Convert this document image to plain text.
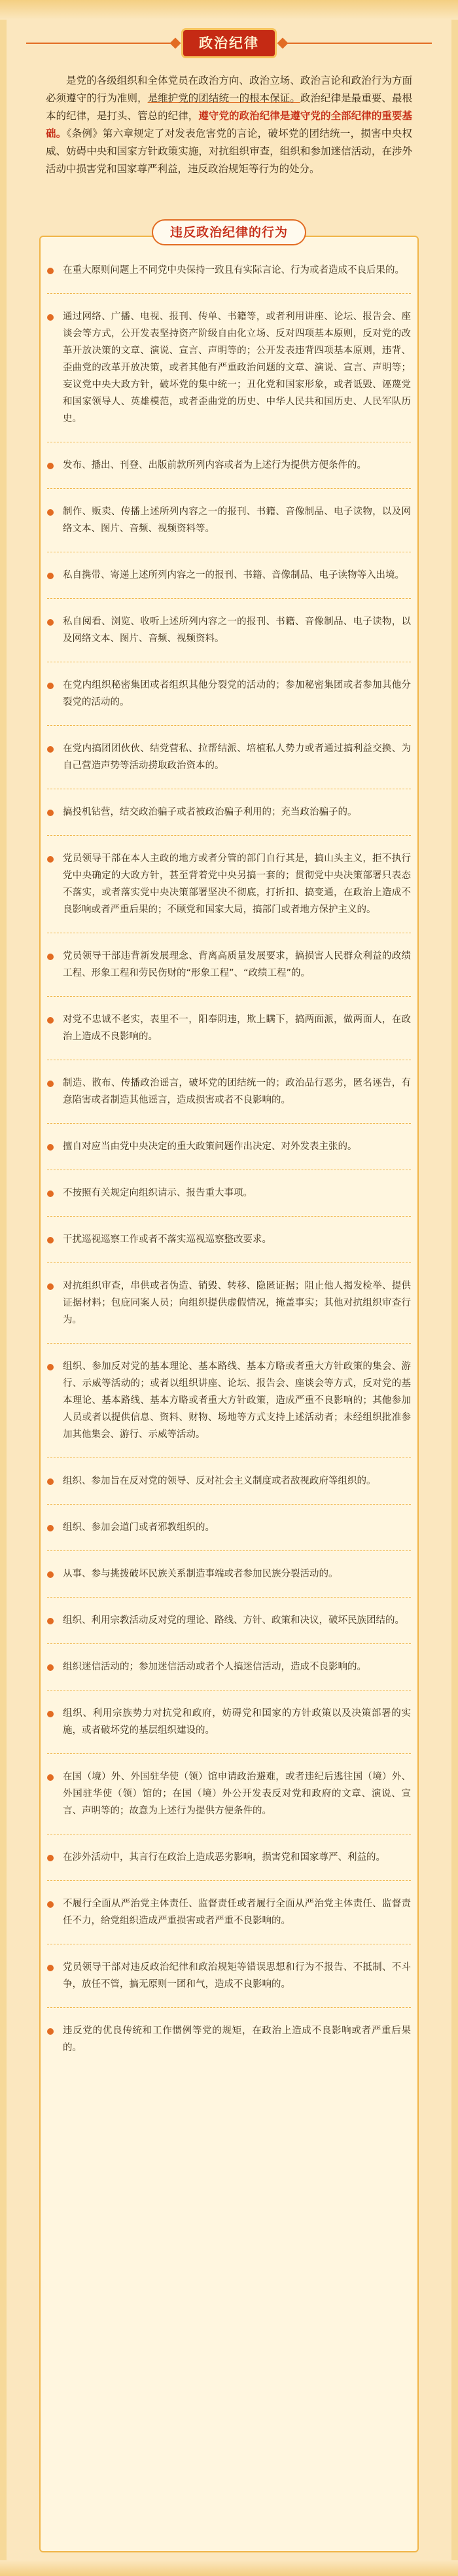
政治纪律

是党的各级组织和全体党员在政治方向、政治立场、政治言论和政治行为方面必须遵守的行为准则，是维护党的团结统一的根本保证。政治纪律是最重要、最根本的纪律，是打头、管总的纪律，遵守党的政治纪律是遵守党的全部纪律的重要基础。《条例》第六章规定了对发表危害党的言论，破坏党的团结统一，损害中央权威、妨碍中央和国家方针政策实施，对抗组织审查，组织和参加迷信活动，在涉外活动中损害党和国家尊严利益，违反政治规矩等行为的处分。

违反政治纪律的行为
在重大原则问题上不同党中央保持一致且有实际言论、行为或者造成不良后果的。
通过网络、广播、电视、报刊、传单、书籍等，或者利用讲座、论坛、报告会、座谈会等方式，公开发表坚持资产阶级自由化立场、反对四项基本原则，反对党的改革开放决策的文章、演说、宣言、声明等的；公开发表违背四项基本原则，违背、歪曲党的改革开放决策，或者其他有严重政治问题的文章、演说、宣言、声明等；妄议党中央大政方针，破坏党的集中统一；丑化党和国家形象，或者诋毁、诬蔑党和国家领导人、英雄模范，或者歪曲党的历史、中华人民共和国历史、人民军队历史。
发布、播出、刊登、出版前款所列内容或者为上述行为提供方便条件的。
制作、贩卖、传播上述所列内容之一的报刊、书籍、音像制品、电子读物，以及网络文本、图片、音频、视频资料等。
私自携带、寄递上述所列内容之一的报刊、书籍、音像制品、电子读物等入出境。
私自阅看、浏览、收听上述所列内容之一的报刊、书籍、音像制品、电子读物，以及网络文本、图片、音频、视频资料。
在党内组织秘密集团或者组织其他分裂党的活动的；参加秘密集团或者参加其他分裂党的活动的。
在党内搞团团伙伙、结党营私、拉帮结派、培植私人势力或者通过搞利益交换、为自己营造声势等活动捞取政治资本的。
搞投机钻营，结交政治骗子或者被政治骗子利用的；充当政治骗子的。
党员领导干部在本人主政的地方或者分管的部门自行其是，搞山头主义，拒不执行党中央确定的大政方针，甚至背着党中央另搞一套的；贯彻党中央决策部署只表态不落实，或者落实党中央决策部署坚决不彻底，打折扣、搞变通，在政治上造成不良影响或者严重后果的；不顾党和国家大局，搞部门或者地方保护主义的。
党员领导干部违背新发展理念、背离高质量发展要求，搞损害人民群众利益的政绩工程、形象工程和劳民伤财的“形象工程”、“政绩工程”的。
对党不忠诚不老实，表里不一，阳奉阴违，欺上瞒下，搞两面派，做两面人，在政治上造成不良影响的。
制造、散布、传播政治谣言，破坏党的团结统一的；政治品行恶劣，匿名诬告，有意陷害或者制造其他谣言，造成损害或者不良影响的。
擅自对应当由党中央决定的重大政策问题作出决定、对外发表主张的。
不按照有关规定向组织请示、报告重大事项。
干扰巡视巡察工作或者不落实巡视巡察整改要求。
对抗组织审查，串供或者伪造、销毁、转移、隐匿证据；阻止他人揭发检举、提供证据材料；包庇同案人员；向组织提供虚假情况，掩盖事实；其他对抗组织审查行为。
组织、参加反对党的基本理论、基本路线、基本方略或者重大方针政策的集会、游行、示威等活动的；或者以组织讲座、论坛、报告会、座谈会等方式，反对党的基本理论、基本路线、基本方略或者重大方针政策，造成严重不良影响的；其他参加人员或者以提供信息、资料、财物、场地等方式支持上述活动者；未经组织批准参加其他集会、游行、示威等活动。
组织、参加旨在反对党的领导、反对社会主义制度或者敌视政府等组织的。
组织、参加会道门或者邪教组织的。
从事、参与挑拨破坏民族关系制造事端或者参加民族分裂活动的。
组织、利用宗教活动反对党的理论、路线、方针、政策和决议，破坏民族团结的。
组织迷信活动的；参加迷信活动或者个人搞迷信活动，造成不良影响的。
组织、利用宗族势力对抗党和政府，妨碍党和国家的方针政策以及决策部署的实施，或者破坏党的基层组织建设的。
在国（境）外、外国驻华使（领）馆申请政治避难，或者违纪后逃往国（境）外、外国驻华使（领）馆的；在国（境）外公开发表反对党和政府的文章、演说、宣言、声明等的；故意为上述行为提供方便条件的。
在涉外活动中，其言行在政治上造成恶劣影响，损害党和国家尊严、利益的。
不履行全面从严治党主体责任、监督责任或者履行全面从严治党主体责任、监督责任不力，给党组织造成严重损害或者严重不良影响的。
党员领导干部对违反政治纪律和政治规矩等错误思想和行为不报告、不抵制、不斗争，放任不管，搞无原则一团和气，造成不良影响的。
违反党的优良传统和工作惯例等党的规矩，在政治上造成不良影响或者严重后果的。
